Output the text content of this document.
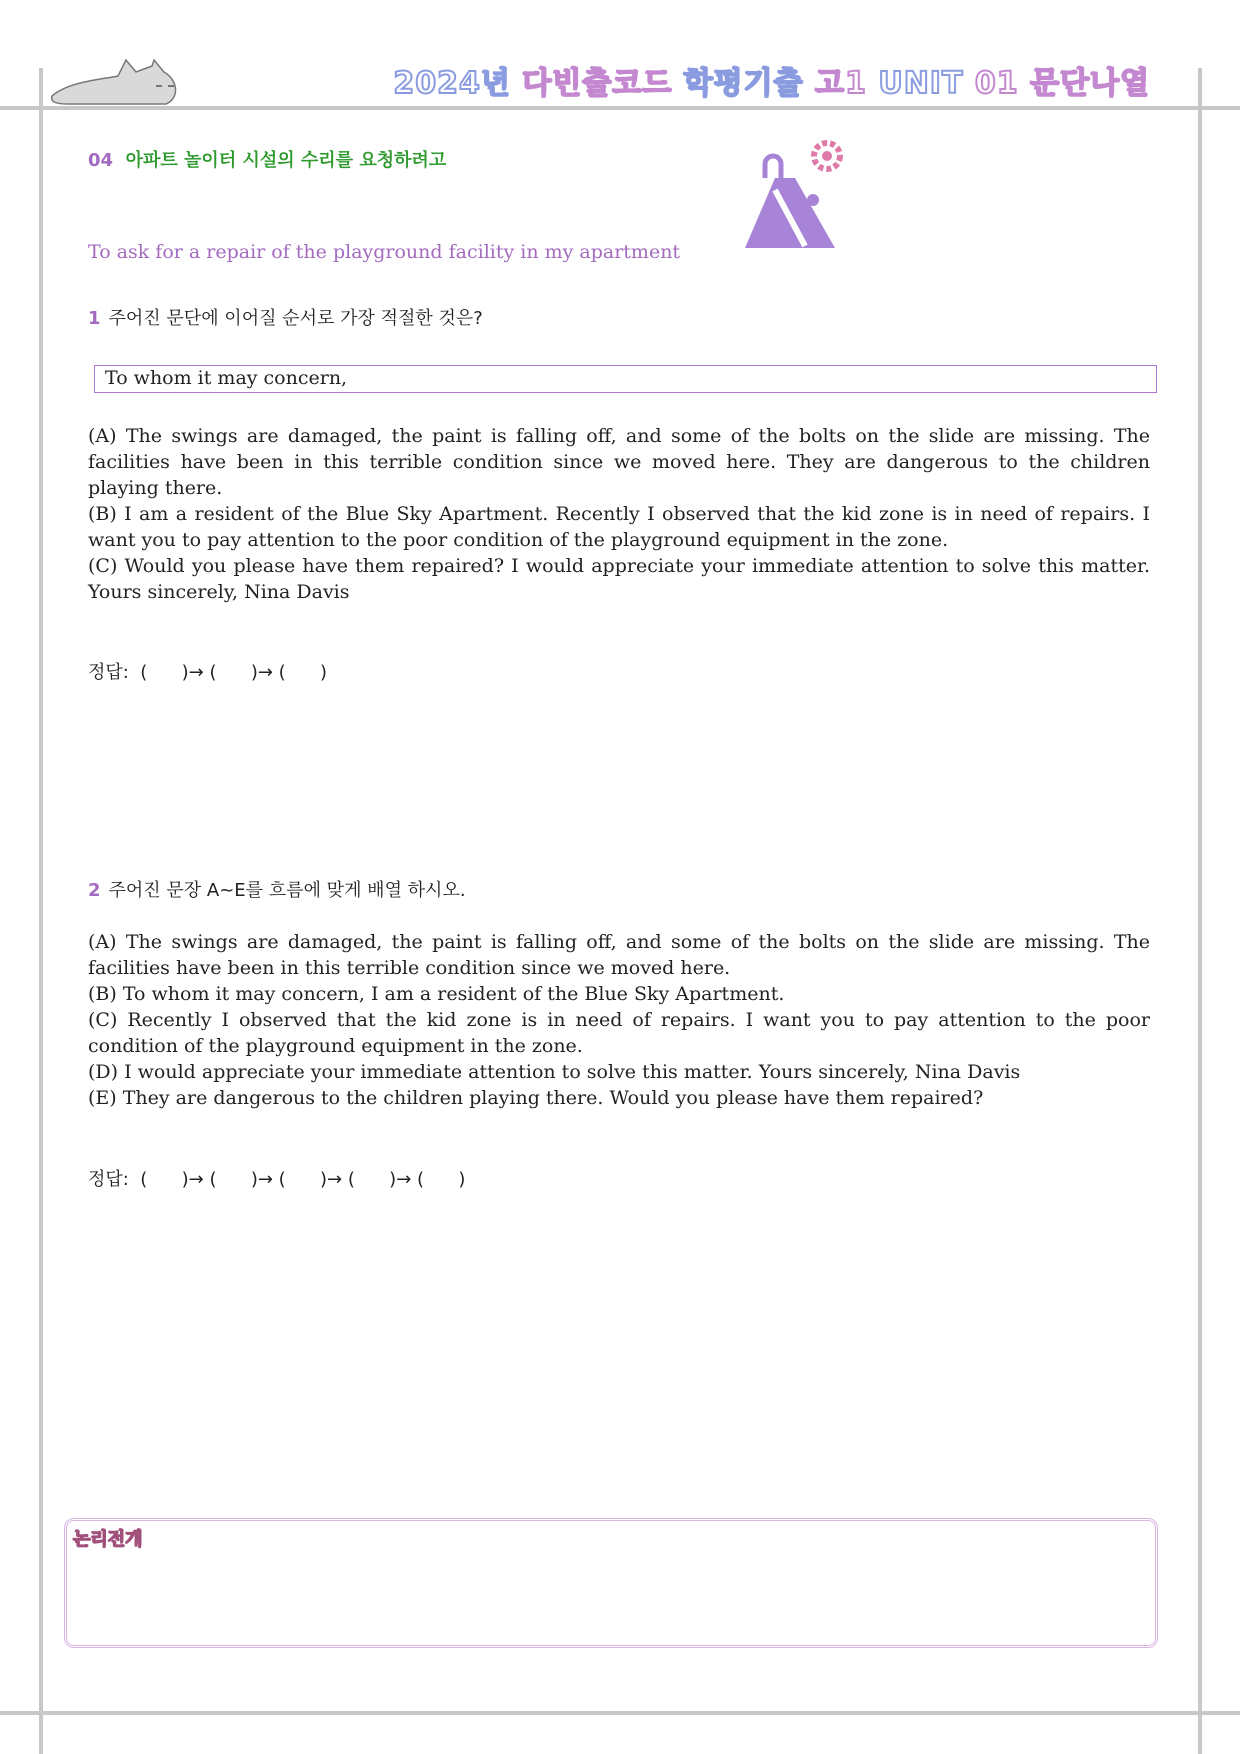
2024년 다빈출코드 학평기출 고1 UNIT 01 문단나열
04 아파트 놀이터 시설의 수리를 요청하려고
To ask for a repair of the playground facility in my apartment
1 주어진 문단에 이어질 순서로 가장 적절한 것은?
To whom it may concern,

(A) The swings are damaged, the paint is falling off, and some of the bolts on the slide are missing. The facilities have been in this terrible condition since we moved here. They are dangerous to the children playing there.

(B) I am a resident of the Blue Sky Apartment. Recently I observed that the kid zone is in need of repairs. I want you to pay attention to the poor condition of the playground equipment in the zone.

(C) Would you please have them repaired? I would appreciate your immediate attention to solve this matter. Yours sincerely, Nina Davis

정답:  (      )→ (      )→ (      )
2 주어진 문장 A~E를 흐름에 맞게 배열 하시오.

(A) The swings are damaged, the paint is falling off, and some of the bolts on the slide are missing. The facilities have been in this terrible condition since we moved here.

(B) To whom it may concern, I am a resident of the Blue Sky Apartment.

(C) Recently I observed that the kid zone is in need of repairs. I want you to pay attention to the poor condition of the playground equipment in the zone.

(D) I would appreciate your immediate attention to solve this matter. Yours sincerely, Nina Davis

(E) They are dangerous to the children playing there. Would you please have them repaired?

정답:  (      )→ (      )→ (      )→ (      )→ (      )
논리전개
